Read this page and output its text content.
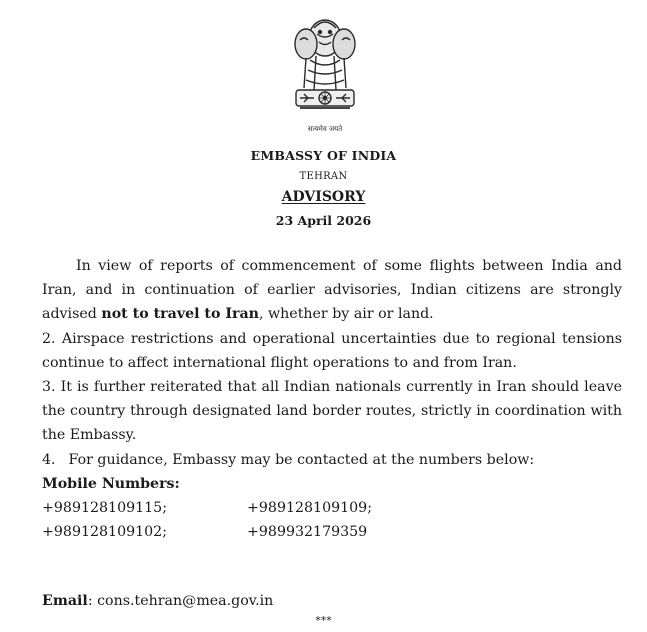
सत्यमेव जयते
EMBASSY OF INDIA
TEHRAN
ADVISORY
23 April 2026

In view of reports of commencement of some flights between India and Iran, and in continuation of earlier advisories, Indian citizens are strongly advised not to travel to Iran, whether by air or land.

2. Airspace restrictions and operational uncertainties due to regional tensions continue to affect international flight operations to and from Iran.

3. It is further reiterated that all Indian nationals currently in Iran should leave the country through designated land border routes, strictly in coordination with the Embassy.

4. For guidance, Embassy may be contacted at the numbers below:

Mobile Numbers:

+989128109115;	+989128109109;
+989128109102;	+989932179359
Email: cons.tehran@mea.gov.in
***
